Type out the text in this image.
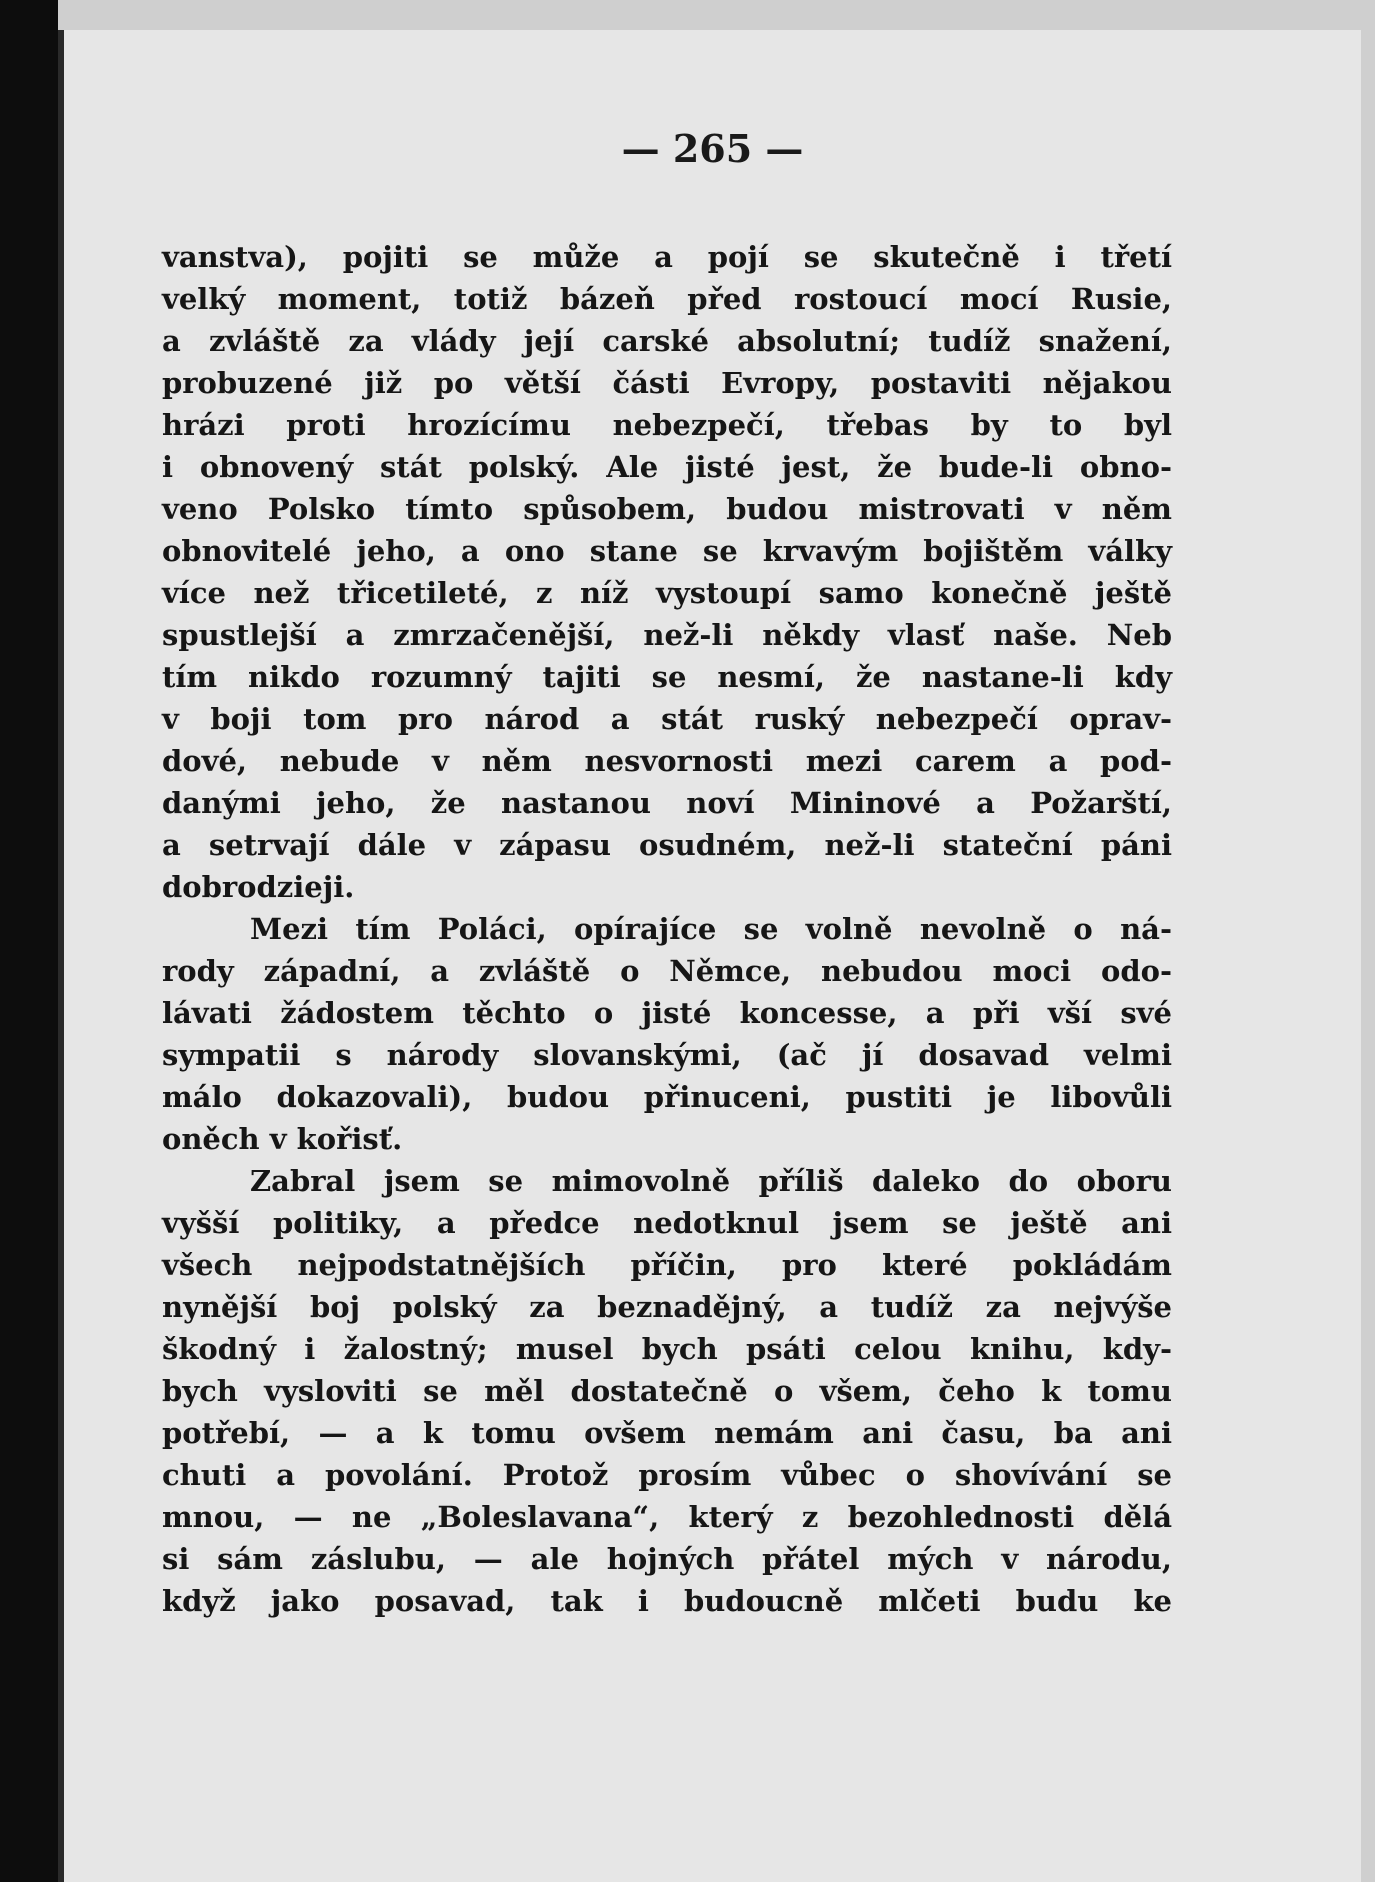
— 265 —
vanstva), pojiti se může a pojí se skutečně i třetí
velký moment, totiž bázeň před rostoucí mocí Rusie,
a zvláště za vlády její carské absolutní; tudíž snažení,
probuzené již po větší části Evropy, postaviti nějakou
hrázi proti hrozícímu nebezpečí, třebas by to byl
i obnovený stát polský. Ale jisté jest, že bude-li obno-
veno Polsko tímto spůsobem, budou mistrovati v něm
obnovitelé jeho, a ono stane se krvavým bojištěm války
více než třicetileté, z níž vystoupí samo konečně ještě
spustlejší a zmrzačenější, než-li někdy vlasť naše. Neb
tím nikdo rozumný tajiti se nesmí, že nastane-li kdy
v boji tom pro národ a stát ruský nebezpečí oprav-
dové, nebude v něm nesvornosti mezi carem a pod-
danými jeho, že nastanou noví Mininové a Požarští,
a setrvají dále v zápasu osudném, než-li stateční páni
dobrodzieji.
Mezi tím Poláci, opírajíce se volně nevolně o ná-
rody západní, a zvláště o Němce, nebudou moci odo-
lávati žádostem těchto o jisté koncesse, a při vší své
sympatii s národy slovanskými, (ač jí dosavad velmi
málo dokazovali), budou přinuceni, pustiti je libovůli
oněch v kořisť.
Zabral jsem se mimovolně příliš daleko do oboru
vyšší politiky, a předce nedotknul jsem se ještě ani
všech nejpodstatnějších příčin, pro které pokládám
nynější boj polský za beznadějný, a tudíž za nejvýše
škodný i žalostný; musel bych psáti celou knihu, kdy-
bych vysloviti se měl dostatečně o všem, čeho k tomu
potřebí, — a k tomu ovšem nemám ani času, ba ani
chuti a povolání. Protož prosím vůbec o shovívání se
mnou, — ne „Boleslavana“, který z bezohlednosti dělá
si sám záslubu, — ale hojných přátel mých v národu,
když jako posavad, tak i budoucně mlčeti budu ke
